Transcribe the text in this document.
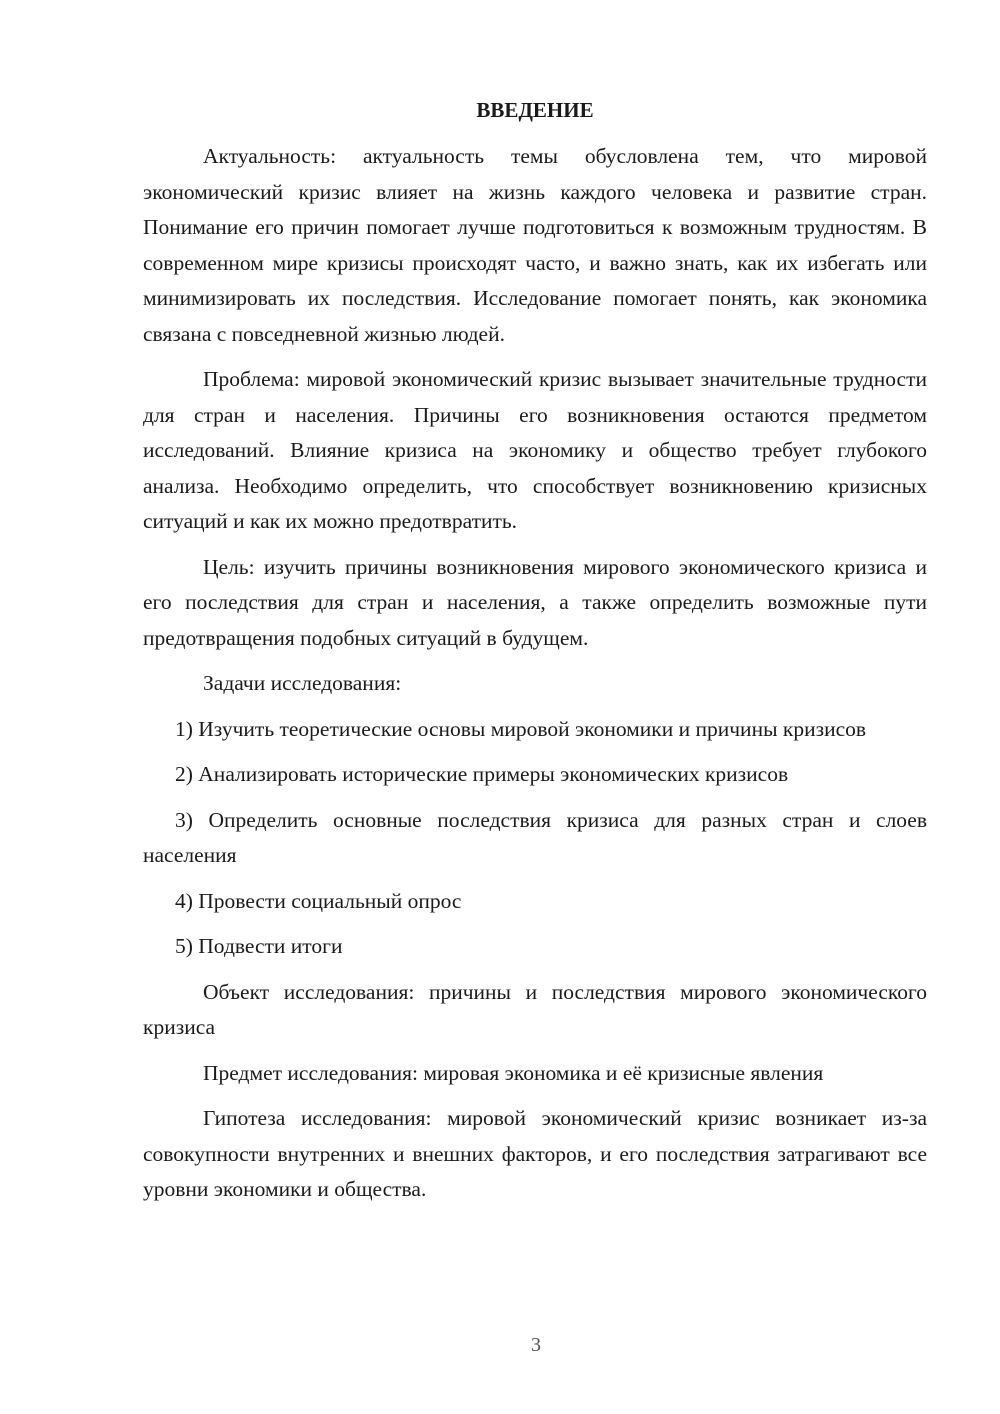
ВВЕДЕНИЕ

Актуальность: актуальность темы обусловлена тем, что мировой экономический кризис влияет на жизнь каждого человека и развитие стран. Понимание его причин помогает лучше подготовиться к возможным трудностям. В современном мире кризисы происходят часто, и важно знать, как их избегать или минимизировать их последствия. Исследование помогает понять, как экономика связана с повседневной жизнью людей.

Проблема: мировой экономический кризис вызывает значительные трудности для стран и населения. Причины его возникновения остаются предметом исследований. Влияние кризиса на экономику и общество требует глубокого анализа. Необходимо определить, что способствует возникновению кризисных ситуаций и как их можно предотвратить.

Цель: изучить причины возникновения мирового экономического кризиса и его последствия для стран и населения, а также определить возможные пути предотвращения подобных ситуаций в будущем.

Задачи исследования:

1) Изучить теоретические основы мировой экономики и причины кризисов

2) Анализировать исторические примеры экономических кризисов

3) Определить основные последствия кризиса для разных стран и слоев населения

4) Провести социальный опрос

5) Подвести итоги

Объект исследования: причины и последствия мирового экономического кризиса

Предмет исследования: мировая экономика и её кризисные явления

Гипотеза исследования: мировой экономический кризис возникает из-за совокупности внутренних и внешних факторов, и его последствия затрагивают все уровни экономики и общества.

3
